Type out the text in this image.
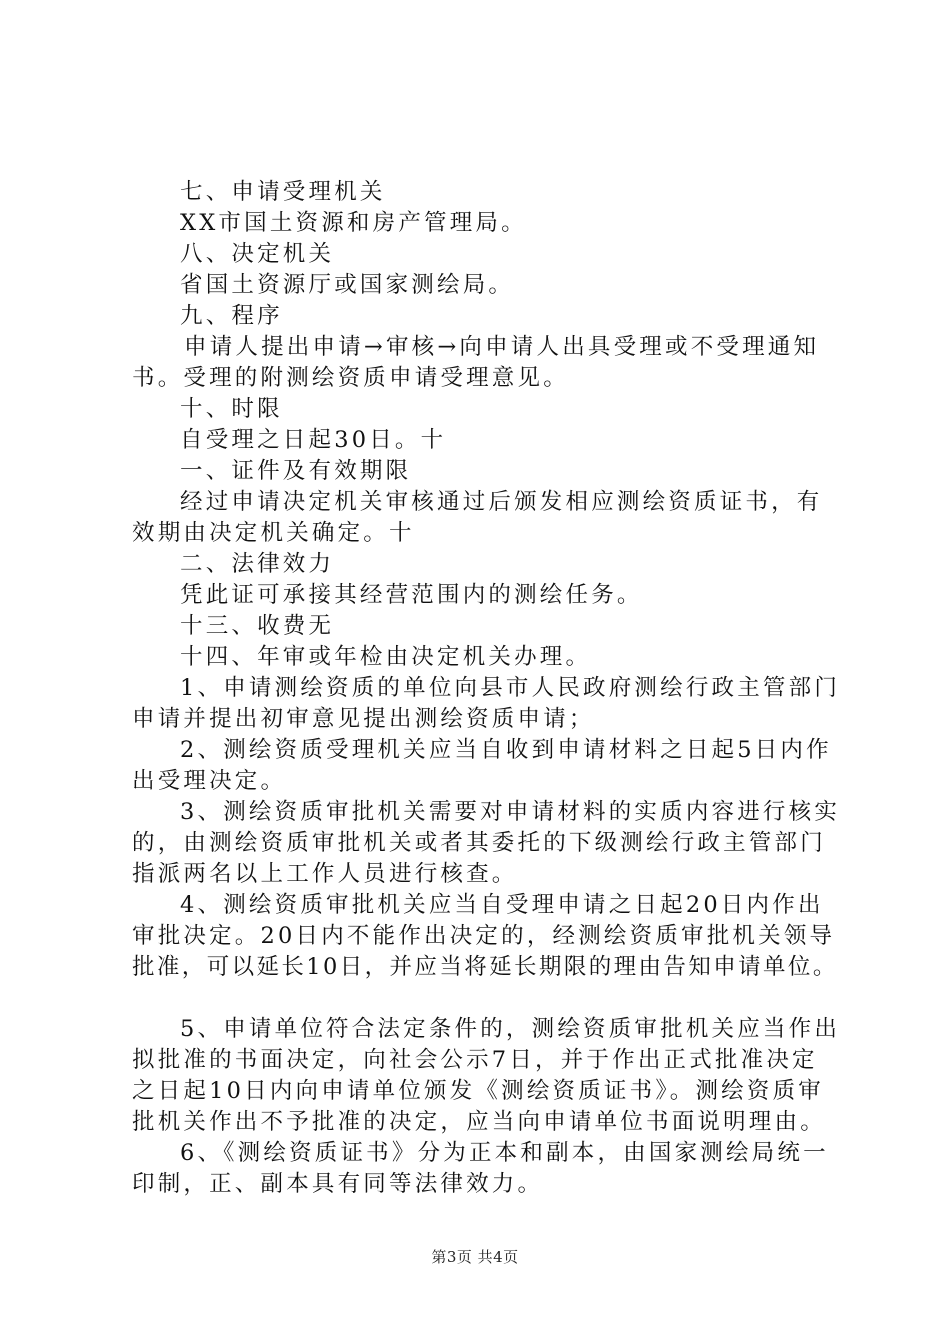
七、申请受理机关
XX市国土资源和房产管理局。
八、决定机关
省国土资源厅或国家测绘局。
九、程序
申请人提出申请→审核→向申请人出具受理或不受理通知
书。受理的附测绘资质申请受理意见。
十、时限
自受理之日起30日。十
一、证件及有效期限
经过申请决定机关审核通过后颁发相应测绘资质证书，有
效期由决定机关确定。十
二、法律效力
凭此证可承接其经营范围内的测绘任务。
十三、收费无
十四、年审或年检由决定机关办理。
1、申请测绘资质的单位向县市人民政府测绘行政主管部门
申请并提出初审意见提出测绘资质申请；
2、测绘资质受理机关应当自收到申请材料之日起5日内作
出受理决定。
3、测绘资质审批机关需要对申请材料的实质内容进行核实
的，由测绘资质审批机关或者其委托的下级测绘行政主管部门
指派两名以上工作人员进行核查。
4、测绘资质审批机关应当自受理申请之日起20日内作出
审批决定。20日内不能作出决定的，经测绘资质审批机关领导
批准，可以延长10日，并应当将延长期限的理由告知申请单位。
5、申请单位符合法定条件的，测绘资质审批机关应当作出
拟批准的书面决定，向社会公示7日，并于作出正式批准决定
之日起10日内向申请单位颁发《测绘资质证书》。测绘资质审
批机关作出不予批准的决定，应当向申请单位书面说明理由。
6、《测绘资质证书》分为正本和副本，由国家测绘局统一
印制，正、副本具有同等法律效力。
第3页 共4页
